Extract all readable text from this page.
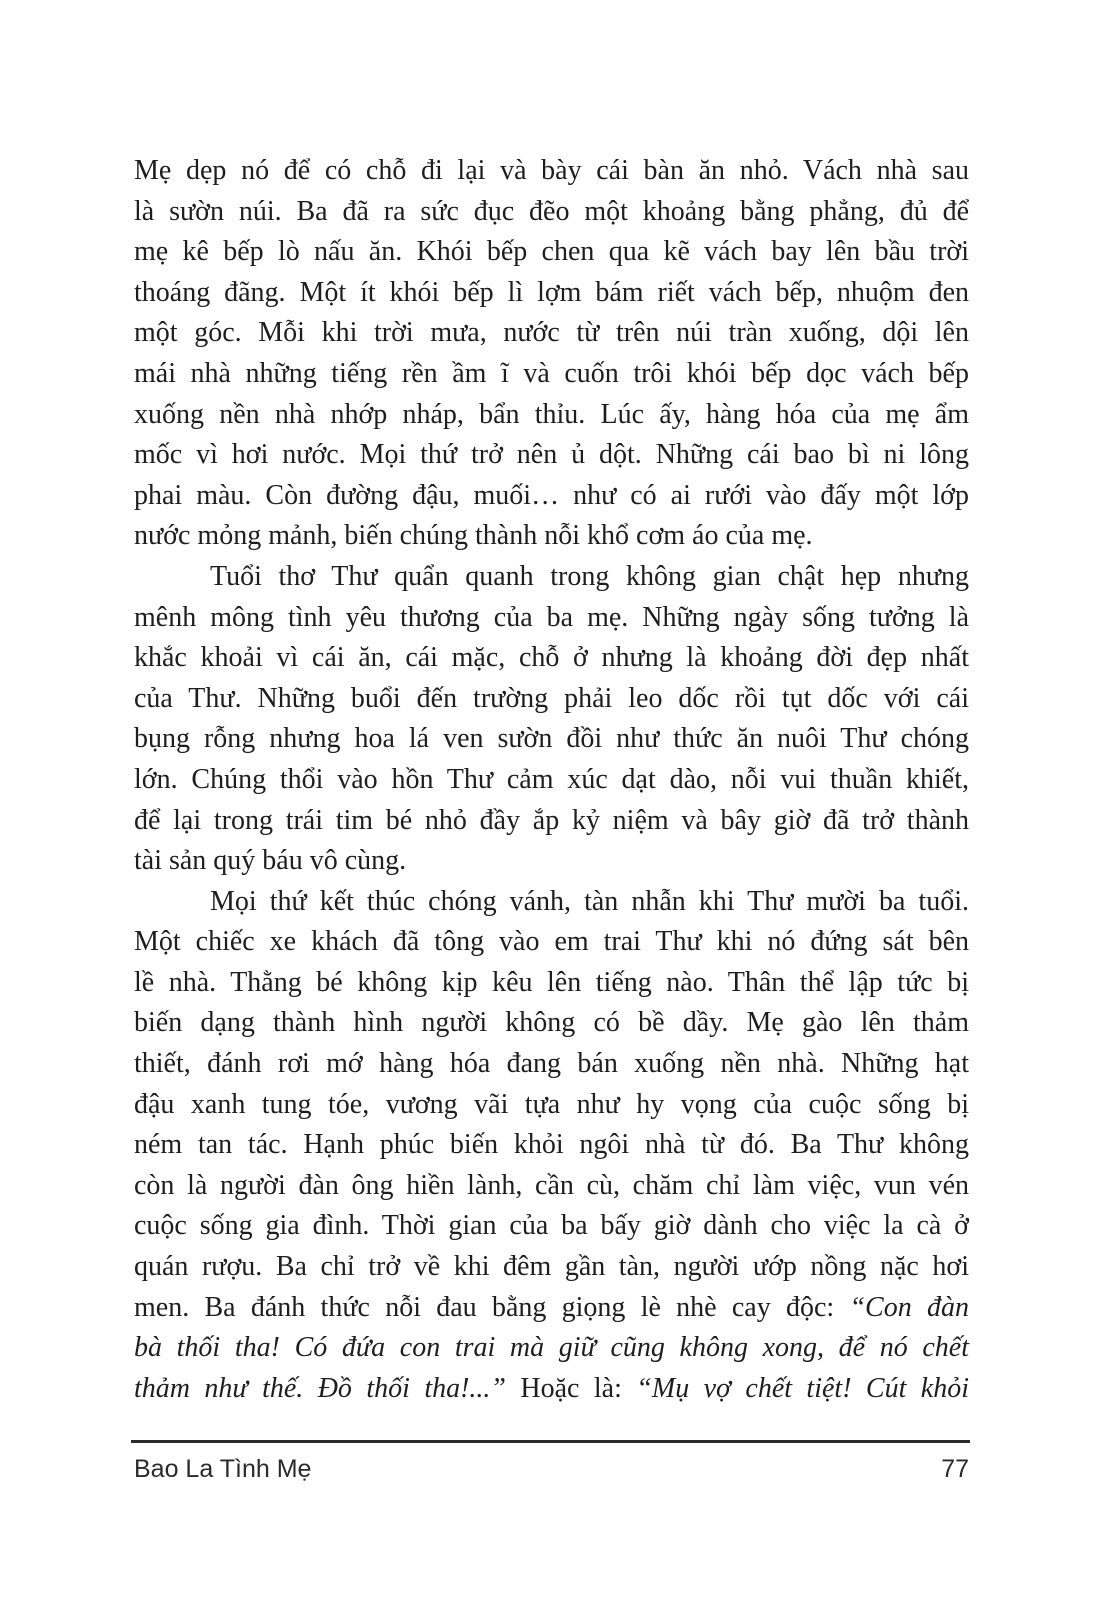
Mẹ dẹp nó để có chỗ đi lại và bày cái bàn ăn nhỏ. Vách nhà sau
là sườn núi. Ba đã ra sức đục đẽo một khoảng bằng phẳng, đủ để
mẹ kê bếp lò nấu ăn. Khói bếp chen qua kẽ vách bay lên bầu trời
thoáng đãng. Một ít khói bếp lì lợm bám riết vách bếp, nhuộm đen
một góc. Mỗi khi trời mưa, nước từ trên núi tràn xuống, dội lên
mái nhà những tiếng rền ầm ĩ và cuốn trôi khói bếp dọc vách bếp
xuống nền nhà nhớp nháp, bẩn thỉu. Lúc ấy, hàng hóa của mẹ ẩm
mốc vì hơi nước. Mọi thứ trở nên ủ dột. Những cái bao bì ni lông
phai màu. Còn đường đậu, muối… như có ai rưới vào đấy một lớp
nước mỏng mảnh, biến chúng thành nỗi khổ cơm áo của mẹ.
Tuổi thơ Thư quẩn quanh trong không gian chật hẹp nhưng
mênh mông tình yêu thương của ba mẹ. Những ngày sống tưởng là
khắc khoải vì cái ăn, cái mặc, chỗ ở nhưng là khoảng đời đẹp nhất
của Thư. Những buổi đến trường phải leo dốc rồi tụt dốc với cái
bụng rỗng nhưng hoa lá ven sườn đồi như thức ăn nuôi Thư chóng
lớn. Chúng thổi vào hồn Thư cảm xúc dạt dào, nỗi vui thuần khiết,
để lại trong trái tim bé nhỏ đầy ắp kỷ niệm và bây giờ đã trở thành
tài sản quý báu vô cùng.
Mọi thứ kết thúc chóng vánh, tàn nhẫn khi Thư mười ba tuổi.
Một chiếc xe khách đã tông vào em trai Thư khi nó đứng sát bên
lề nhà. Thằng bé không kịp kêu lên tiếng nào. Thân thể lập tức bị
biến dạng thành hình người không có bề dầy. Mẹ gào lên thảm
thiết, đánh rơi mớ hàng hóa đang bán xuống nền nhà. Những hạt
đậu xanh tung tóe, vương vãi tựa như hy vọng của cuộc sống bị
ném tan tác. Hạnh phúc biến khỏi ngôi nhà từ đó. Ba Thư không
còn là người đàn ông hiền lành, cần cù, chăm chỉ làm việc, vun vén
cuộc sống gia đình. Thời gian của ba bấy giờ dành cho việc la cà ở
quán rượu. Ba chỉ trở về khi đêm gần tàn, người ướp nồng nặc hơi
men. Ba đánh thức nỗi đau bằng giọng lè nhè cay độc: “Con đàn
bà thối tha! Có đứa con trai mà giữ cũng không xong, để nó chết
thảm như thế. Đồ thối tha!...” Hoặc là: “Mụ vợ chết tiệt! Cút khỏi
Bao La Tình Mẹ	77
